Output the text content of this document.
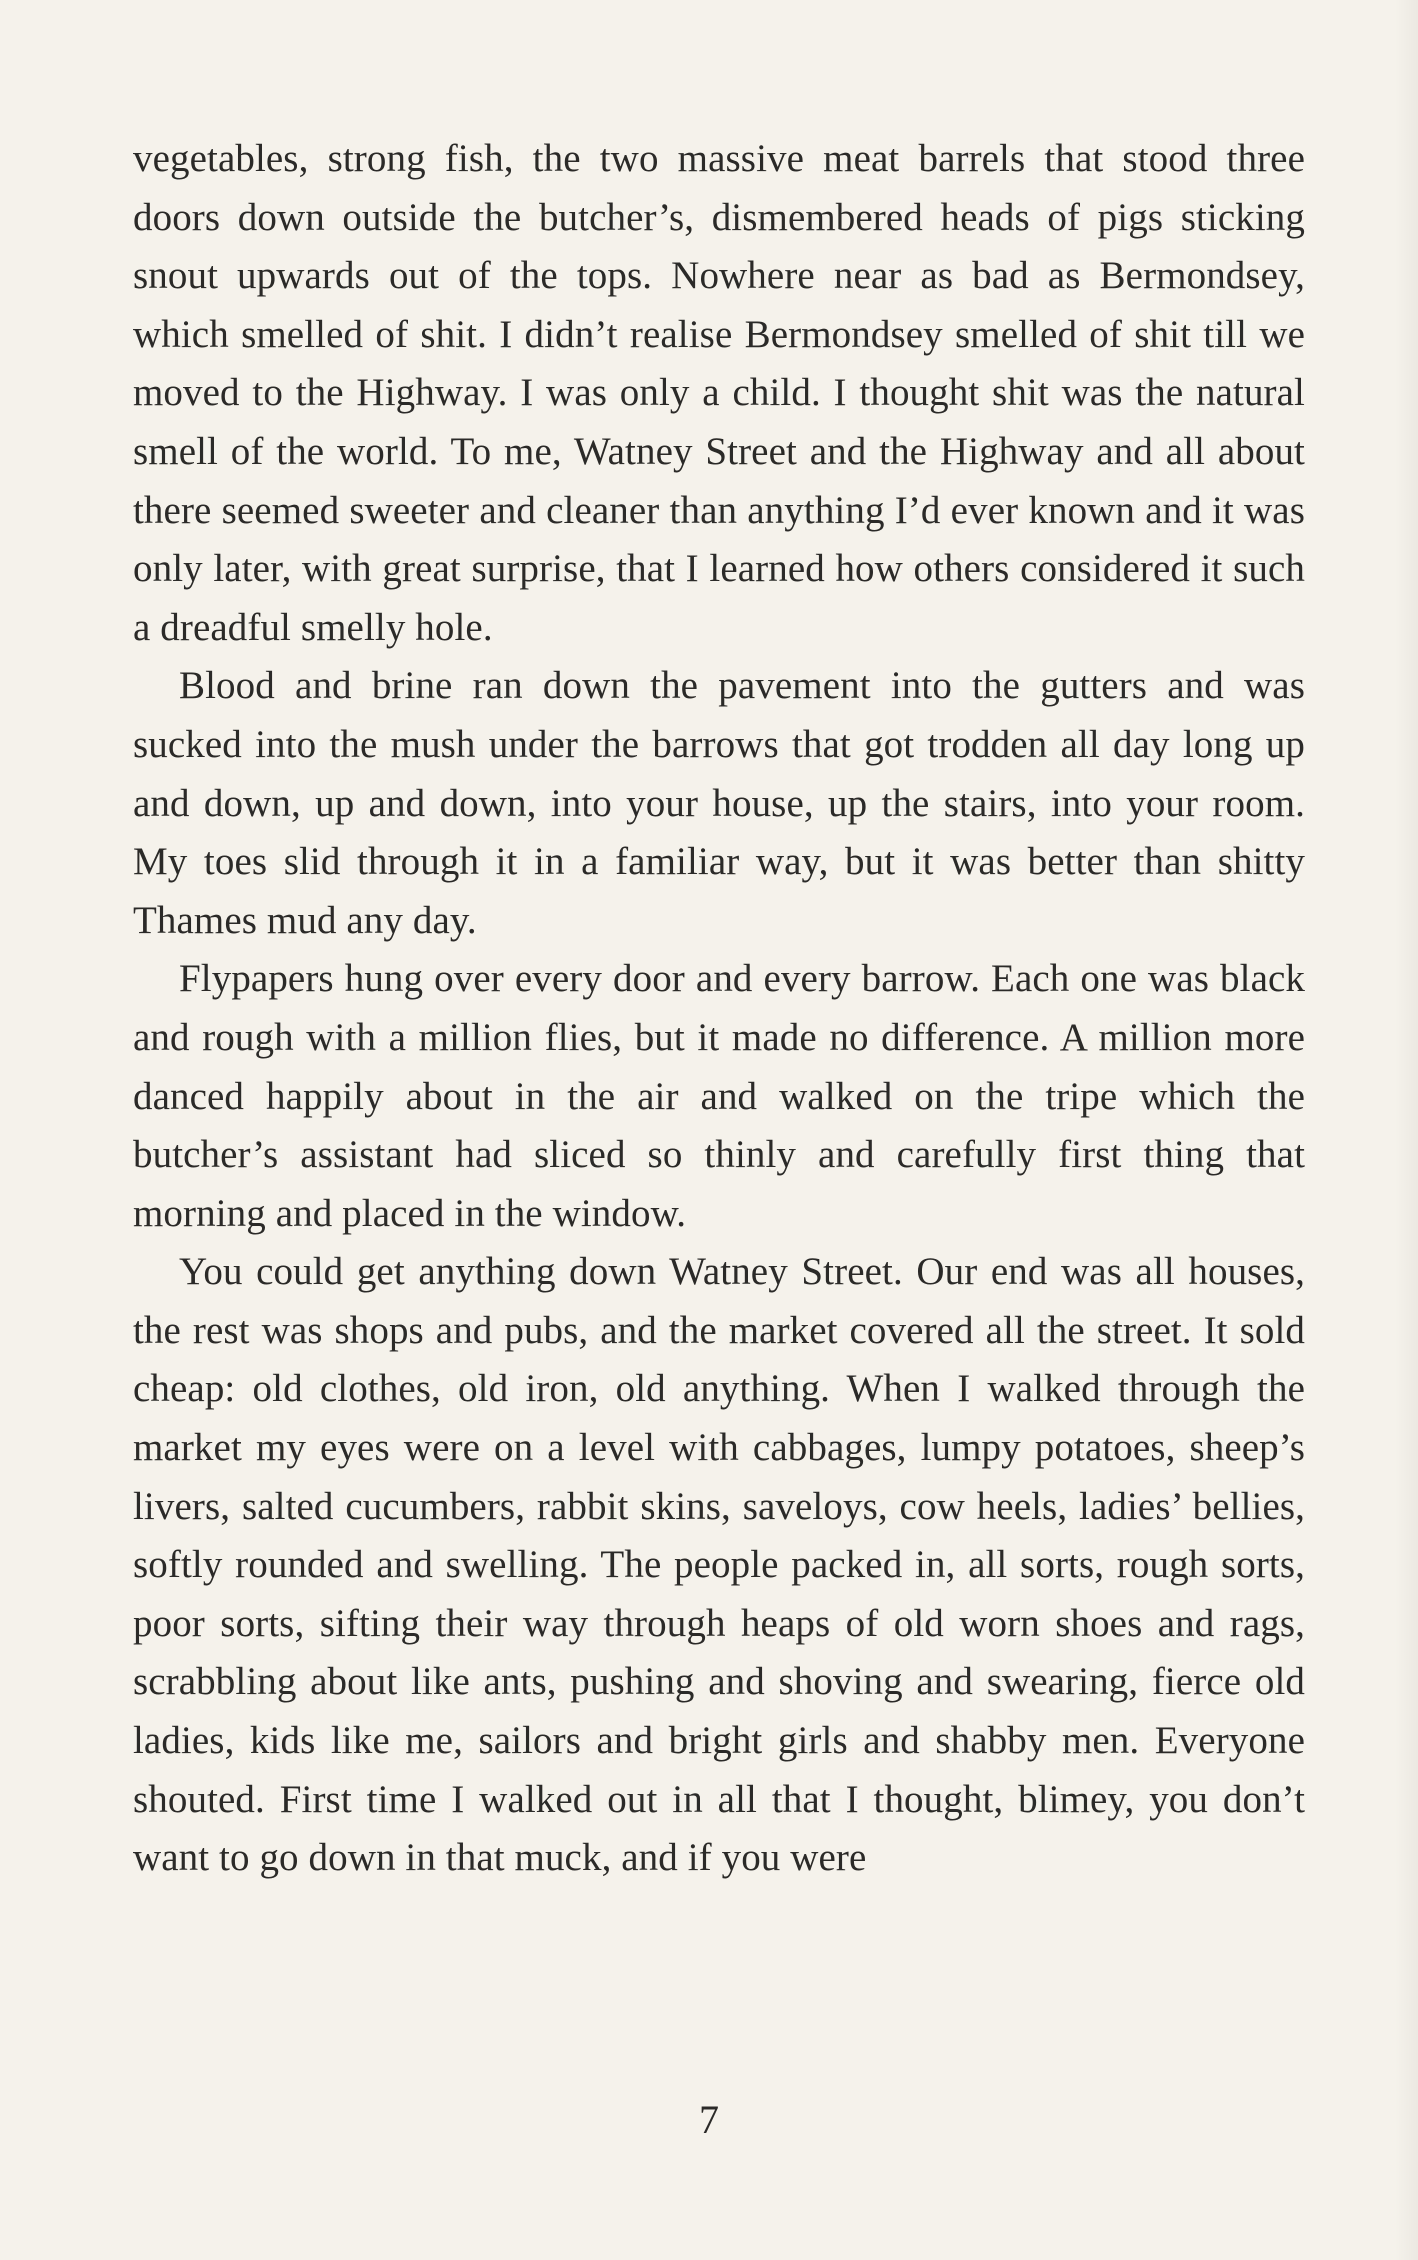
vegetables, strong fish, the two massive meat barrels that stood three doors down outside the butcher’s, dismembered heads of pigs sticking snout upwards out of the tops. Nowhere near as bad as Bermondsey, which smelled of shit. I didn’t realise Bermondsey smelled of shit till we moved to the Highway. I was only a child. I thought shit was the natural smell of the world. To me, Watney Street and the Highway and all about there seemed sweeter and cleaner than anything I’d ever known and it was only later, with great surprise, that I learned how others considered it such a dreadful smelly hole.

Blood and brine ran down the pavement into the gutters and was sucked into the mush under the barrows that got trodden all day long up and down, up and down, into your house, up the stairs, into your room. My toes slid through it in a familiar way, but it was better than shitty Thames mud any day.

Flypapers hung over every door and every barrow. Each one was black and rough with a million flies, but it made no difference. A million more danced happily about in the air and walked on the tripe which the butcher’s assistant had sliced so thinly and carefully first thing that morning and placed in the window.

You could get anything down Watney Street. Our end was all houses, the rest was shops and pubs, and the market covered all the street. It sold cheap: old clothes, old iron, old anything. When I walked through the market my eyes were on a level with cabbages, lumpy potatoes, sheep’s livers, salted cucumbers, rabbit skins, saveloys, cow heels, ladies’ bellies, softly rounded and swelling. The people packed in, all sorts, rough sorts, poor sorts, sifting their way through heaps of old worn shoes and rags, scrabbling about like ants, pushing and shoving and swearing, fierce old ladies, kids like me, sailors and bright girls and shabby men. Everyone shouted. First time I walked out in all that I thought, blimey, you don’t want to go down in that muck, and if you were

7
